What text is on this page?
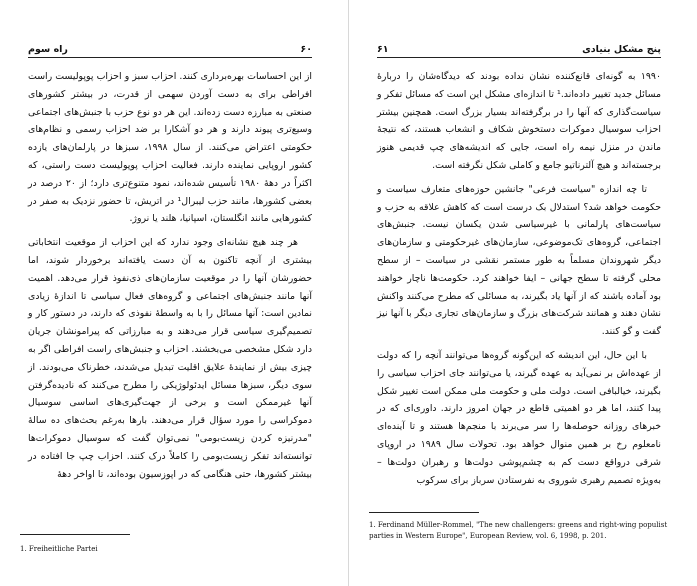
۶۰
راه سوم

از این احساسات بهره‌برداری کنند. احزاب سبز و احزاب پوپولیست راست افراطی برای به دست آوردن سهمی از قدرت، در بیشتر کشورهای صنعتی به مبارزه دست زده‌اند. این هر دو نوع حزب با جنبش‌های اجتماعی وسیع‌تری پیوند دارند و هر دو آشکارا بر ضد احزاب رسمی و نظام‌های حکومتی اعتراض می‌کنند. از سال ۱۹۹۸، سبزها در پارلمان‌های یازده کشور اروپایی نماینده دارند. فعالیت احزاب پوپولیست دست راستی، که اکثراً در دهه‌ٔ ۱۹۸۰ تأسیس شده‌اند، نمود متنوع‌تری دارد؛ از ۲۰ درصد در بعضی کشورها، مانند حزب لیبرال¹ در اتریش، تا حضور نزدیک به صفر در کشورهایی مانند انگلستان، اسپانیا، هلند یا نروژ.

هر چند هیچ نشانه‌ای وجود ندارد که این احزاب از موقعیت انتخاباتی بیشتری از آنچه تاکنون به آن دست یافته‌اند برخوردار شوند، اما حضورشان آنها را در موقعیت سازمان‌های ذی‌نفوذ قرار می‌دهد. اهمیت آنها مانند جنبش‌های اجتماعی و گروه‌های فعال سیاسی تا اندازهٔ زیادی نمادین است: آنها مسائل را با به واسطهٔ نفوذی که دارند، در دستور کار و تصمیم‌گیری سیاسی قرار می‌دهند و به مبارزاتی که پیرامونشان جریان دارد شکل مشخصی می‌بخشند. احزاب و جنبش‌های راست افراطی اگر به چیزی بیش از نمایندهٔ علایق اقلیت تبدیل می‌شدند، خطرناک می‌بودند. از سوی دیگر، سبزها مسائل ایدئولوژیکی را مطرح می‌کنند که نادیده‌گرفتن آنها غیرممکن است و برخی از جهت‌گیری‌های اساسی سوسیال دموکراسی را مورد سؤال قرار می‌دهند. بارها به‌رغم بحث‌های ده سالهٔ "مدرنیزه کردن زیست‌بومی" نمی‌توان گفت که سوسیال دموکرات‌ها توانسته‌اند تفکر زیست‌بومی را کاملاً درک کنند. احزاب چپ جا افتاده در بیشتر کشورها، حتی هنگامی که در اپوزسیون بوده‌اند، تا اواخر دههٔ

1. Freiheitliche Partei
پنج مشکل بنیادی
۶۱

۱۹۹۰ به گونه‌ای قانع‌کننده نشان نداده بودند که دیدگاه‌شان را دربارهٔ مسائل جدید تغییر داده‌اند.¹ تا اندازه‌ای مشکل این است که مسائل تفکر و سیاست‌گذاری که آنها را در برگرفته‌اند بسیار بزرگ است. همچنین بیشتر احزاب سوسیال دموکرات دستخوش شکاف و انشعاب هستند، که نتیجهٔ ماندن در منزل نیمه راه است، جایی که اندیشه‌های چپ قدیمی هنوز برجسته‌اند و هیچ آلترناتیو جامع و کاملی شکل نگرفته است.

تا چه اندازه "سیاست فرعی" جانشین حوزه‌های متعارف سیاست و حکومت خواهد شد؟ استدلال بک درست است که کاهش علاقه به حزب و سیاست‌های پارلمانی با غیرسیاسی شدن یکسان نیست. جنبش‌های اجتماعی، گروه‌های تک‌موضوعی، سازمان‌های غیرحکومتی و سازمان‌های دیگر شهروندان مسلماً به طور مستمر نقشی در سیاست – از سطح محلی گرفته تا سطح جهانی – ایفا خواهند کرد. حکومت‌ها ناچار خواهند بود آماده باشند که از آنها یاد بگیرند، به مسائلی که مطرح می‌کنند واکنش نشان دهند و همانند شرکت‌های بزرگ و سازمان‌های تجاری دیگر با آنها نیز گفت و گو کنند.

با این حال، این اندیشه که این‌گونه گروه‌ها می‌توانند آنچه را که دولت از عهده‌اش بر نمی‌آید به عهده گیرند، یا می‌توانند جای احزاب سیاسی را بگیرند، خیالبافی است. دولت ملی و حکومت ملی ممکن است تغییر شکل پیدا کنند، اما هر دو اهمیتی قاطع در جهان امروز دارند. داوری‌ای که در خبرهای روزانه حوصله‌ها را سر می‌برند با منجم‌ها هستند و تا آینده‌ای نامعلوم رخ بر همین منوال خواهد بود. تحولات سال ۱۹۸۹ در اروپای شرقی درواقع دست کم به چشم‌پوشی دولت‌ها و رهبران دولت‌ها – به‌ویژه تصمیم رهبری شوروی به نفرستادن سرباز برای سرکوب

1. Ferdinand Müller-Rommel, "The new challengers: greens and right-wing populist parties in Western Europe", European Review, vol. 6, 1998, p. 201.
